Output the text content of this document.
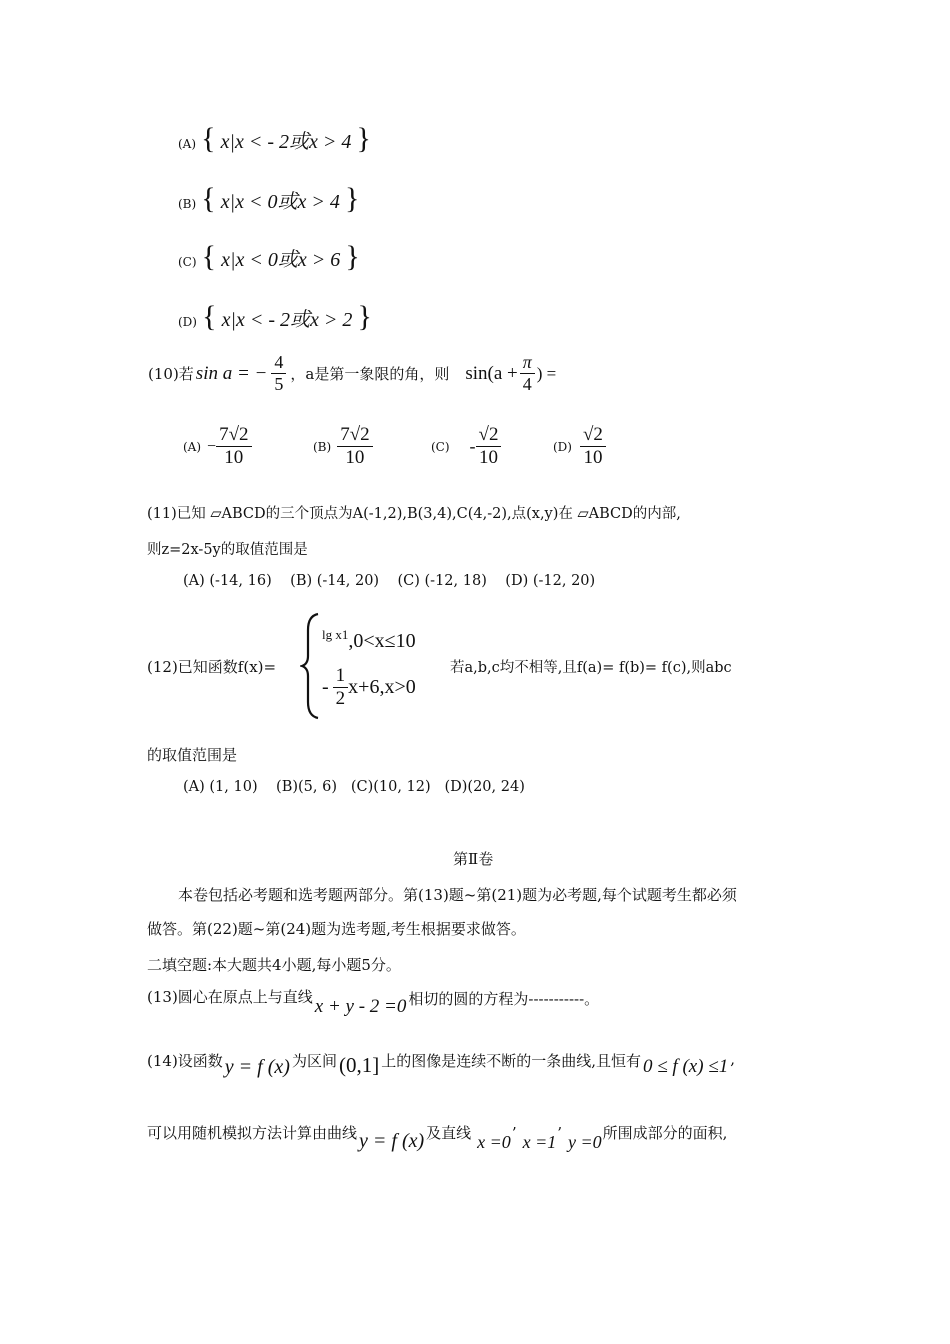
(A) { x|x < - 2或x > 4 }
(B) { x|x < 0或x > 4 }
(C) { x|x < 0或x > 6 }
(D) { x|x < - 2或x > 2 }
(10)若 sin a = − $\frac{4}{5}$ ，a是第一象限的角，则 $\sin(a + \frac{\pi}{4}$ ) =
$(A) - \frac{7√2}{10}$	$(B) \frac{7√2}{10}$	$(C) - \frac{√2}{10}$	$(D) \frac{√2}{10}$
(11)已知 ▱ABCD的三个顶点为A(-1,2),B(3,4),C(4,-2),点(x,y)在 ▱ABCD的内部,
则z=2x-5y的取值范围是
(A) (-14, 16)    (B) (-14, 20)    (C) (-12, 18)    (D) (-12, 20)
(12)已知函数f(x)=
lg x1 ,0<x≤10
- $\frac{1}{2} x+6,x>0$
若a,b,c均不相等,且f(a)= f(b)= f(c),则abc
的取值范围是
(A) (1, 10)    (B)(5, 6)   (C)(10, 12)   (D)(20, 24)
第Ⅱ卷
本卷包括必考题和选考题两部分。第(13)题~第(21)题为必考题,每个试题考生都必须
做答。第(22)题~第(24)题为选考题,考生根据要求做答。
二填空题:本大题共4小题,每小题5分。
(13)圆心在原点上与直线 x + y - 2 =0 相切的圆的方程为-----------。
(14)设函数 y = f (x) 为区间 (0,1] 上的图像是连续不断的一条曲线,且恒有 0 ≤ f (x) ≤1 ,
可以用随机模拟方法计算由曲线 y = f (x) 及直线 x =0 ’ x =1 ’ y =0 所围成部分的面积,
